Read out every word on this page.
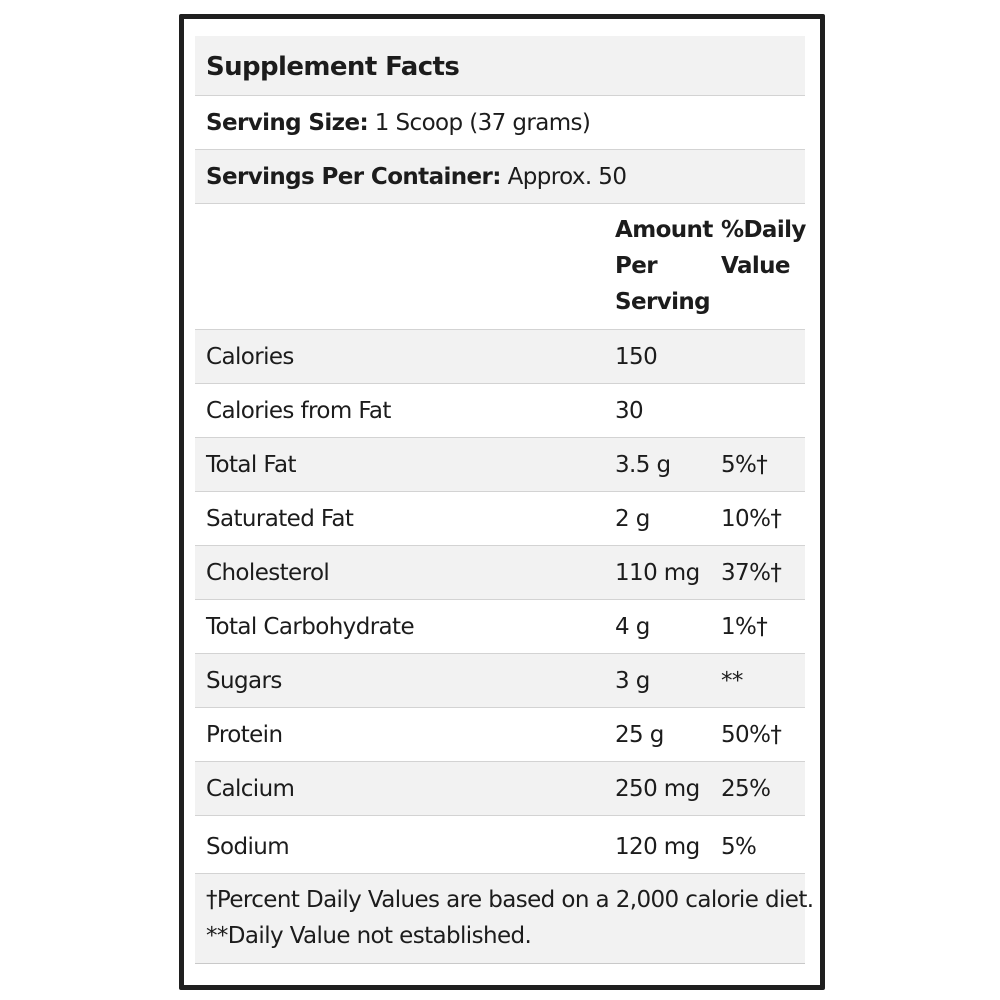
Supplement Facts
Serving Size: 1 Scoop (37 grams)
Servings Per Container: Approx. 50
Amount Per Serving
%Daily Value
Calories	150
Calories from Fat	30
Total Fat	3.5 g 5%†
Saturated Fat	2 g	10%†
Cholesterol	110 mg 37%†
Total Carbohydrate	4 g	1%†
Sugars	3 g	**
Protein	25 g 50%†
Calcium	250 mg 25%
Sodium	120 mg 5%
†Percent Daily Values are based on a 2,000 calorie diet.
**Daily Value not established.
